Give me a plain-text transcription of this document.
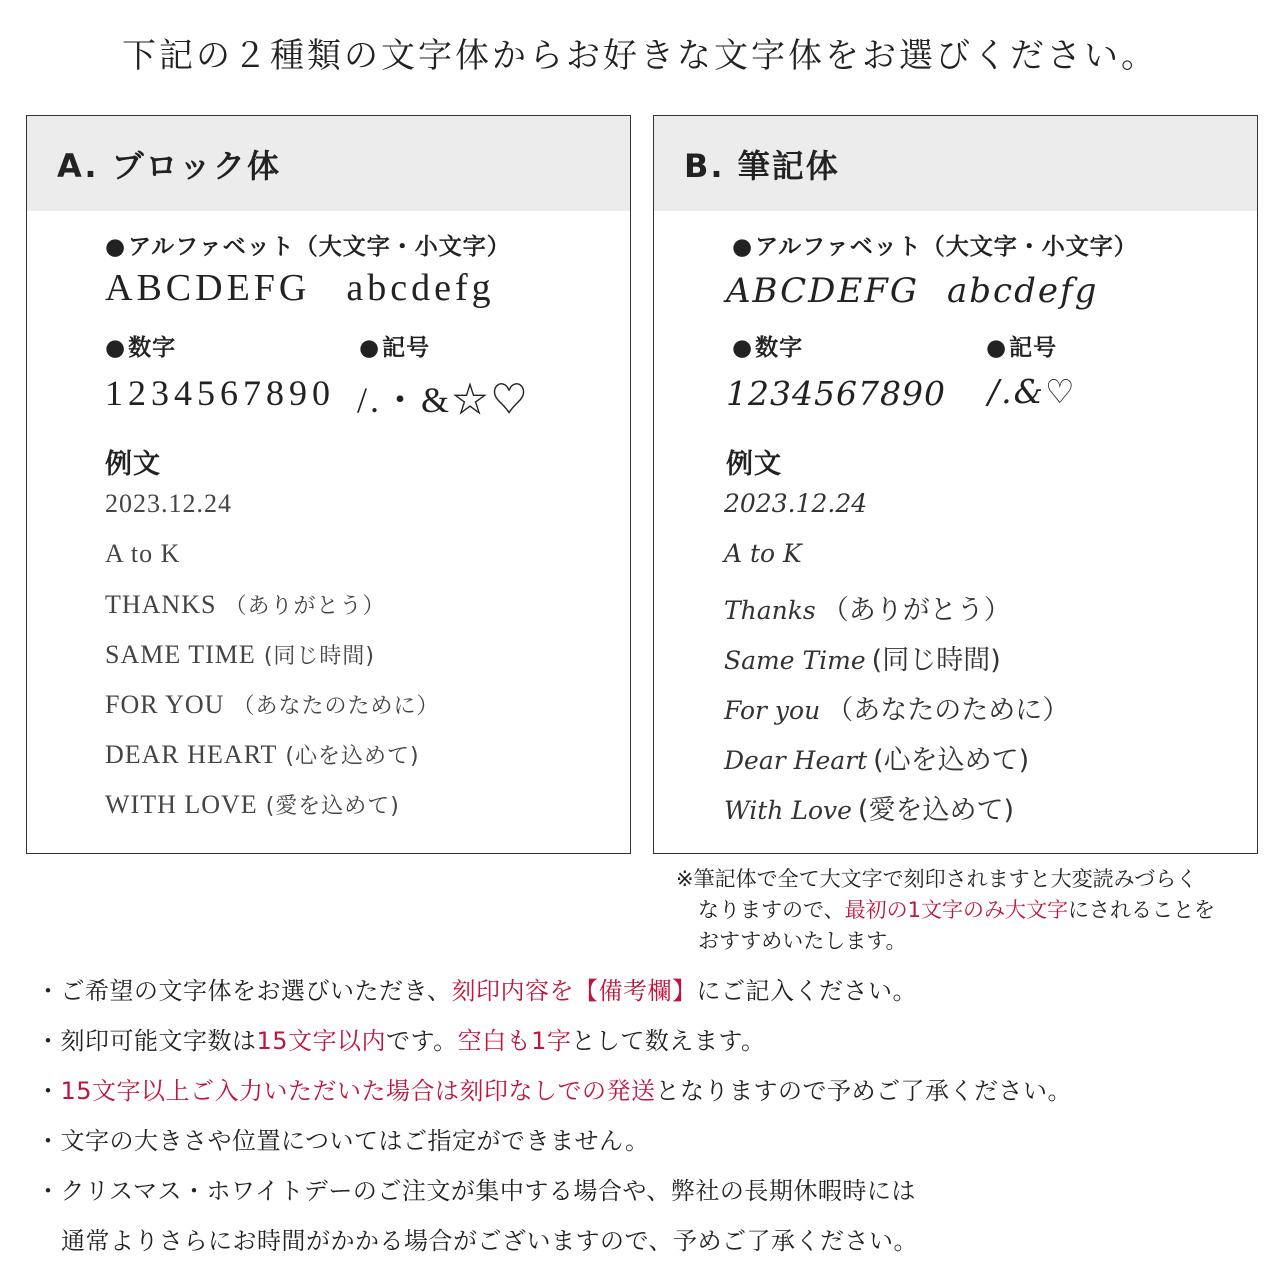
下記の２種類の文字体からお好きな文字体をお選びください。
A. ブロック体
●アルファベット（大文字・小文字）
ABCDEFG abcdefg
●数字	●記号
1234567890 /.・&☆♡
例文
2023.12.24
A to K
THANKS （ありがとう）
SAME TIME (同じ時間)
FOR YOU （あなたのために）
DEAR HEART (心を込めて)
WITH LOVE (愛を込めて)
B. 筆記体
●アルファベット（大文字・小文字）
ABCDEFG abcdefg
●数字	●記号
1234567890 /.&♡
例文
2023.12.24
A to K
Thanks （ありがとう）
Same Time (同じ時間)
For you （あなたのために）
Dear Heart (心を込めて)
With Love (愛を込めて)
※筆記体で全て大文字で刻印されますと大変読みづらく
なりますので、最初の1文字のみ大文字にされることを
おすすめいたします。
・ご希望の文字体をお選びいただき、刻印内容を【備考欄】にご記入ください。
・刻印可能文字数は15文字以内です。空白も1字として数えます。
・15文字以上ご入力いただいた場合は刻印なしでの発送となりますので予めご了承ください。
・文字の大きさや位置についてはご指定ができません。
・クリスマス・ホワイトデーのご注文が集中する場合や、弊社の長期休暇時には
通常よりさらにお時間がかかる場合がございますので、予めご了承ください。
